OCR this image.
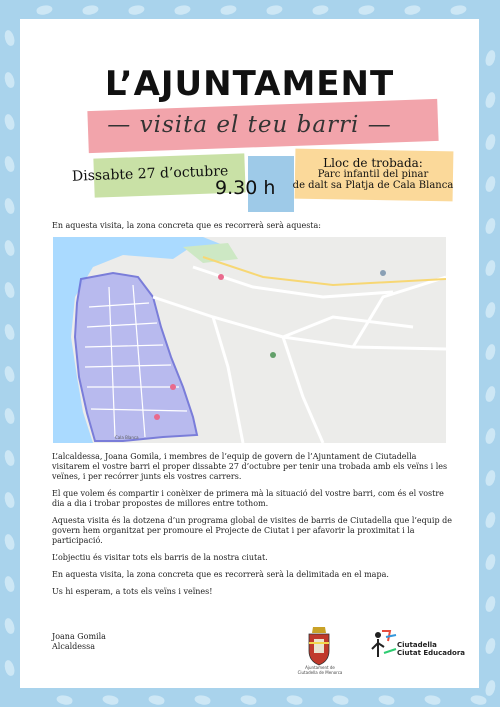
L’AJUNTAMENT
— visita el teu barri —
Dissabte 27 d’octubre
9.30 h
Lloc de trobada:
Parc infantil del pinar
de dalt sa Platja de Cala Blanca
En aquesta visita, la zona concreta que es recorrerà serà aquesta:
Cala Blanca

L’alcaldessa, Joana Gomila, i membres de l’equip de govern de l’Ajuntament de Ciutadella visitarem el vostre barri el proper dissabte 27 d’octubre per tenir una trobada amb els veïns i les veïnes, i per recórrer junts els vostres carrers.

El que volem és compartir i conèixer de primera mà la situació del vostre barri, com és el vostre dia a dia i trobar propostes de millores entre tothom.

Aquesta visita és la dotzena d’un programa global de visites de barris de Ciutadella que l’equip de govern hem organitzat per promoure el Projecte de Ciutat i per afavorir la proximitat i la participació.

L’objectiu és visitar tots els barris de la nostra ciutat.

En aquesta visita, la zona concreta que es recorrerà serà la delimitada en el mapa.

Us hi esperam, a tots els veïns i veïnes!

Joana Gomila
Alcaldessa
Ajuntament de
Ciutadella de Menorca
Ciutadella
Ciutat Educadora
